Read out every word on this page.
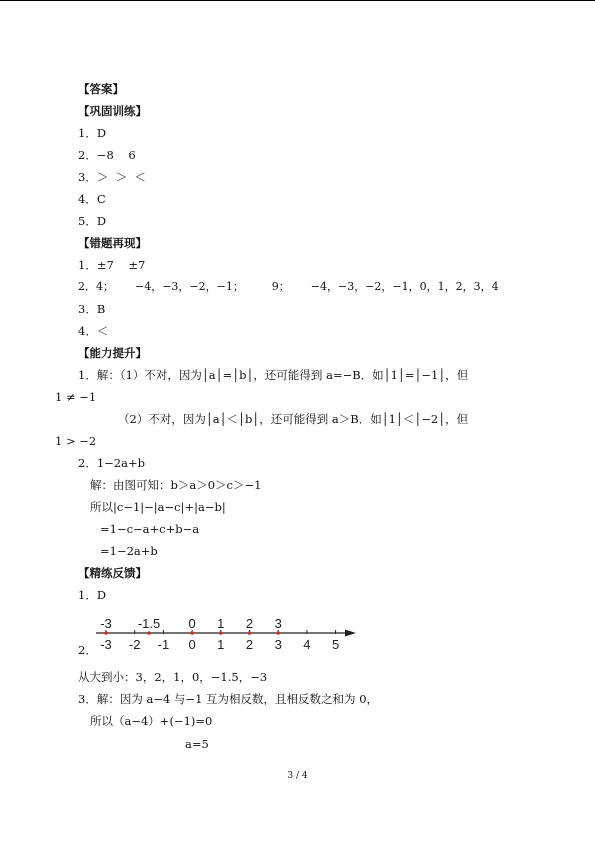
【答案】
【巩固训练】
1．D
2．−8    6
3．＞  ＞  ＜
4．C
5．D
【错题再现】
1．±7    ±7
2．4；      −4，−3，−2，−1；        9；      −4，−3，−2，−1，0，1，2，3，4
3．B
4．＜
【能力提升】
1．解：（1）不对，因为│a│=│b│，还可能得到 a=−B．如│1│=│−1│，但
1 ≠ −1
（2）不对，因为│a│＜│b│，还可能得到 a＞B．如│1│＜│−2│，但
1 > −2
2．1−2a+b
解：由图可知：b＞a＞0＞c＞−1
所以|c−1|−|a−c|+|a−b|
=1−c−a+c+b−a
=1−2a+b
【精练反馈】
1．D
2． -3 -2 -1 0 1 2 3 4 5
-3 -1.5 0 1 2 3
从大到小：3，2，1，0，−1.5，−3
3．解：因为 a−4 与−1 互为相反数，且相反数之和为 0，
所以（a−4）+(−1)=0
a=5
3 / 4
